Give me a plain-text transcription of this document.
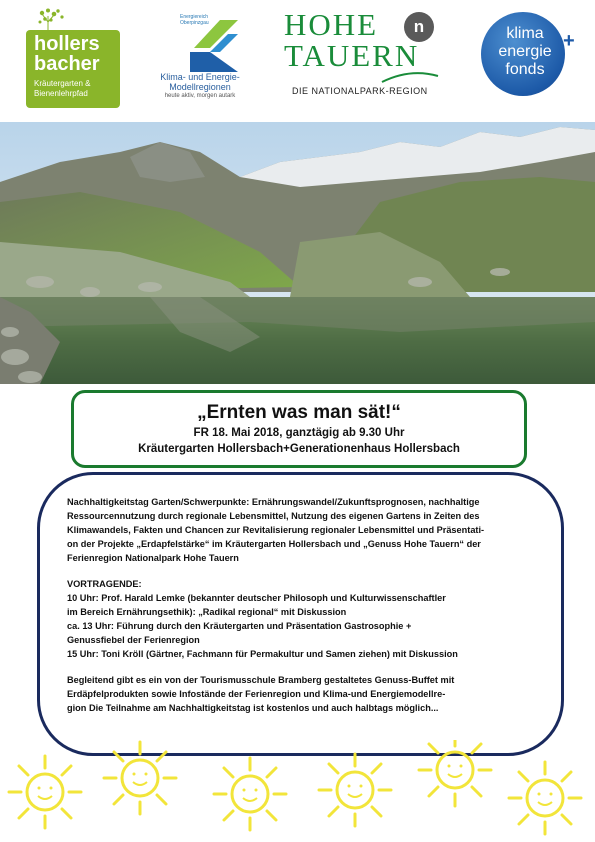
hollers
bacher
Kräutergarten &
Bienenlehrpfad
Energiereich
Oberpinzgau
Klima- und Energie-
Modellregionen
heute aktiv, morgen autark
HOHE	n
TAUERN
DIE NATIONALPARK-REGION
klima
energie
fonds
+
„Ernten was man sät!“
FR 18. Mai 2018, ganztägig ab 9.30 Uhr
Kräutergarten Hollersbach+Generationenhaus Hollersbach
Nachhaltigkeitstag Garten/Schwerpunkte: Ernährungswandel/Zukunftsprognosen, nachhaltige
Ressourcennutzung durch regionale Lebensmittel, Nutzung des eigenen Gartens in Zeiten des
Klimawandels, Fakten und Chancen zur Revitalisierung regionaler Lebensmittel und Präsentati-
on der Projekte „Erdapfelstärke“ im Kräutergarten Hollersbach und „Genuss Hohe Tauern“ der
Ferienregion Nationalpark Hohe Tauern
VORTRAGENDE:
10 Uhr: Prof. Harald Lemke (bekannter deutscher Philosoph und Kulturwissenschaftler
im Bereich Ernährungsethik): „Radikal regional“ mit Diskussion
ca. 13 Uhr: Führung durch den Kräutergarten und Präsentation Gastrosophie +
Genussfiebel der Ferienregion
15 Uhr: Toni Kröll (Gärtner, Fachmann für Permakultur und Samen ziehen) mit Diskussion
Begleitend gibt es ein von der Tourismusschule Bramberg gestaltetes Genuss-Buffet mit
Erdäpfelprodukten sowie Infostände der Ferienregion und Klima-und Energiemodellre-
gion Die Teilnahme am Nachhaltigkeitstag ist kostenlos und auch halbtags möglich...
